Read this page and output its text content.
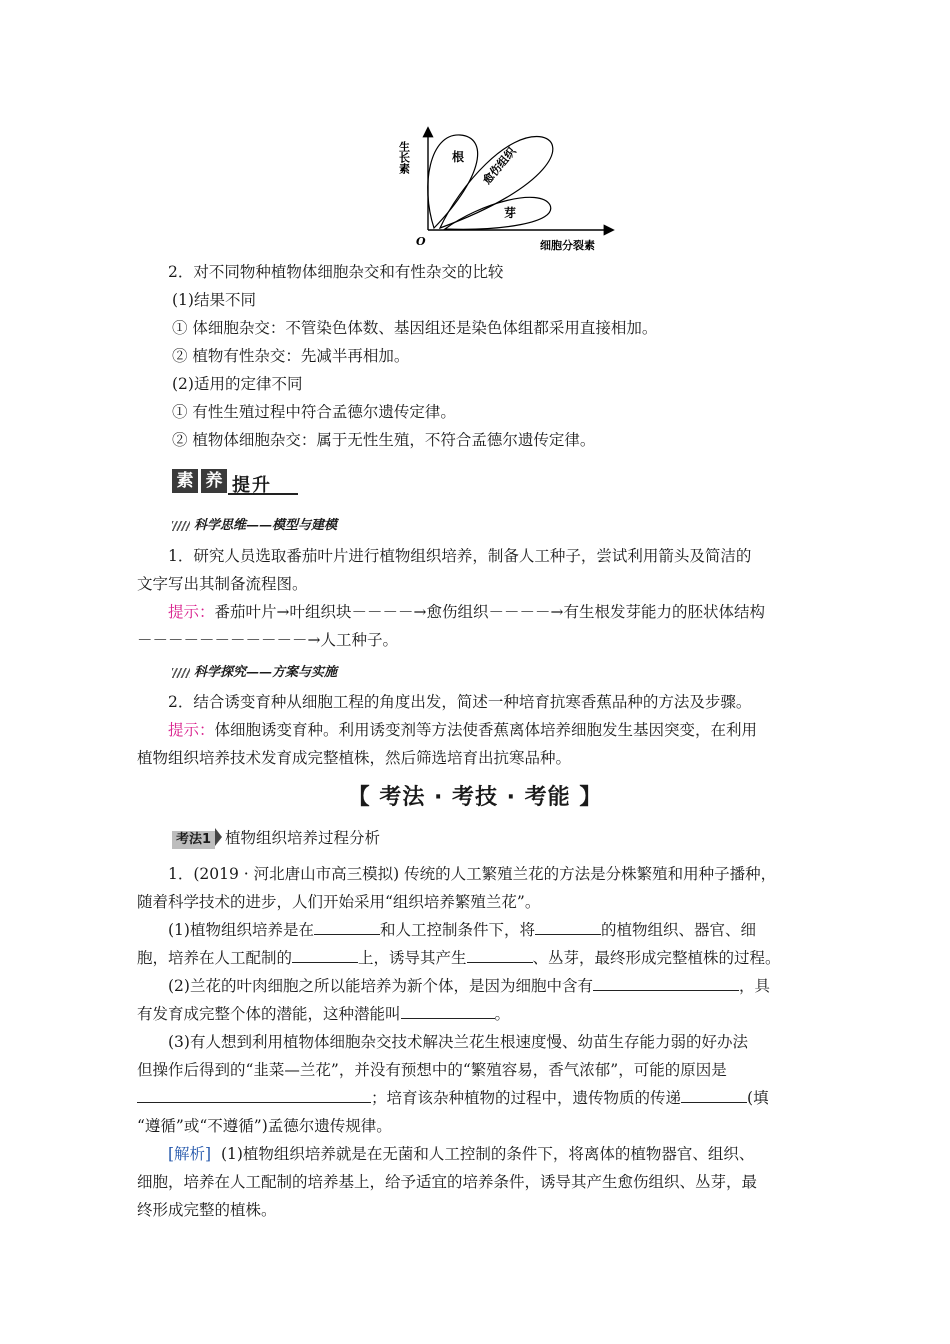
生长素	根 愈伤组织
芽
O	细胞分裂素
2．对不同物种植物体细胞杂交和有性杂交的比较
(1)结果不同
① 体细胞杂交：不管染色体数、基因组还是染色体组都采用直接相加。
② 植物有性杂交：先减半再相加。
(2)适用的定律不同
① 有性生殖过程中符合孟德尔遗传定律。
② 植物体细胞杂交：属于无性生殖，不符合孟德尔遗传定律。
素 养 提升
科学思维——模型与建模
1．研究人员选取番茄叶片进行植物组织培养，制备人工种子，尝试利用箭头及简洁的
文字写出其制备流程图。
提示：番茄叶片→叶组织块－－－－→愈伤组织－－－－→有生根发芽能力的胚状体结构
－－－－－－－－－－－→人工种子。
科学探究——方案与实施
2．结合诱变育种从细胞工程的角度出发，简述一种培育抗寒香蕉品种的方法及步骤。
提示：体细胞诱变育种。利用诱变剂等方法使香蕉离体培养细胞发生基因突变，在利用
植物组织培养技术发育成完整植株，然后筛选培育出抗寒品种。
【 考法 · 考技 · 考能 】
考法1 植物组织培养过程分析
1．(2019 · 河北唐山市高三模拟) 传统的人工繁殖兰花的方法是分株繁殖和用种子播种，
随着科学技术的进步，人们开始采用“组织培养繁殖兰花”。
(1)植物组织培养是在	和人工控制条件下，将	的植物组织、器官、细
胞，培养在人工配制的	上，诱导其产生	、丛芽，最终形成完整植株的过程。
(2)兰花的叶肉细胞之所以能培养为新个体，是因为细胞中含有	，具
有发育成完整个体的潜能，这种潜能叫	。
(3)有人想到利用植物体细胞杂交技术解决兰花生根速度慢、幼苗生存能力弱的好办法
但操作后得到的“韭菜—兰花”，并没有预想中的“繁殖容易，香气浓郁”，可能的原因是
；培育该杂种植物的过程中，遗传物质的传递	(填
“遵循”或“不遵循”)孟德尔遗传规律。
[解析] (1)植物组织培养就是在无菌和人工控制的条件下，将离体的植物器官、组织、
细胞，培养在人工配制的培养基上，给予适宜的培养条件，诱导其产生愈伤组织、丛芽，最
终形成完整的植株。
